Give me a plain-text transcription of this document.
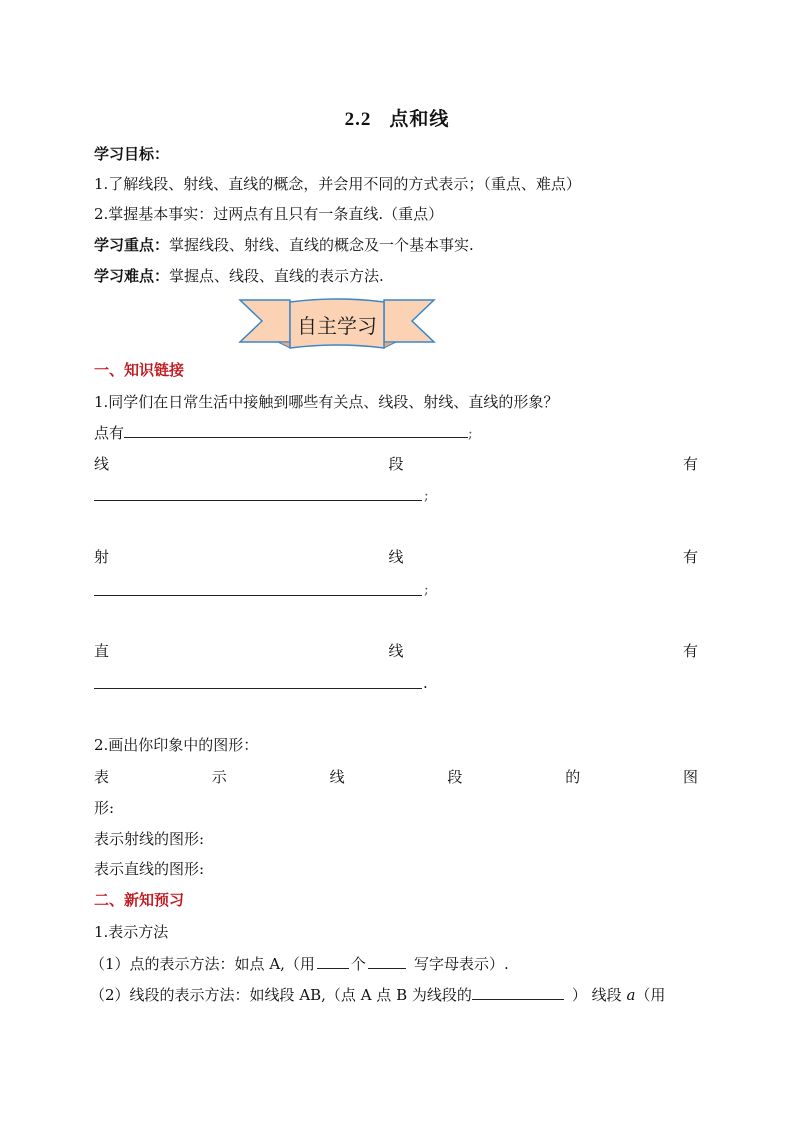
2.2 点和线
学习目标：
1.了解线段、射线、直线的概念，并会用不同的方式表示；（重点、难点）
2.掌握基本事实：过两点有且只有一条直线.（重点）
学习重点：掌握线段、射线、直线的概念及一个基本事实.
学习难点：掌握点、线段、直线的表示方法.
自主学习
一、知识链接
1.同学们在日常生活中接触到哪些有关点、线段、射线、直线的形象？
点有	;
线	段	有
;
射	线	有
;
直	线	有
.
2.画出你印象中的图形：
表	示	线	段	的	图
形:
表示射线的图形:
表示直线的图形:
二、新知预习
1.表示方法
（1）点的表示方法：如点 A,（用 个	写字母表示）.
（2）线段的表示方法：如线段 AB,（点 A 点 B 为线段的	） 线段 a（用
